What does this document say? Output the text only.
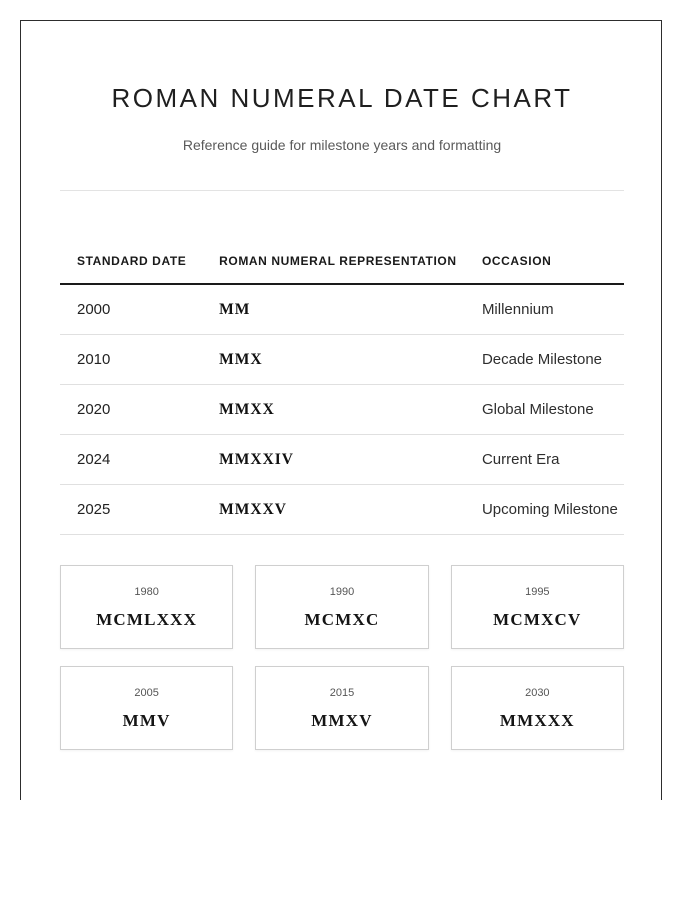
ROMAN NUMERAL DATE CHART

Reference guide for milestone years and formatting

STANDARD DATE	ROMAN NUMERAL REPRESENTATION	OCCASION
2000	MM	Millennium
2010	MMX	Decade Milestone
2020	MMXX	Global Milestone
2024	MMXXIV	Current Era
2025	MMXXV	Upcoming Milestone
1980
MCMLXXX
1990
MCMXC
1995
MCMXCV
2005
MMV
2015
MMXV
2030
MMXXX
